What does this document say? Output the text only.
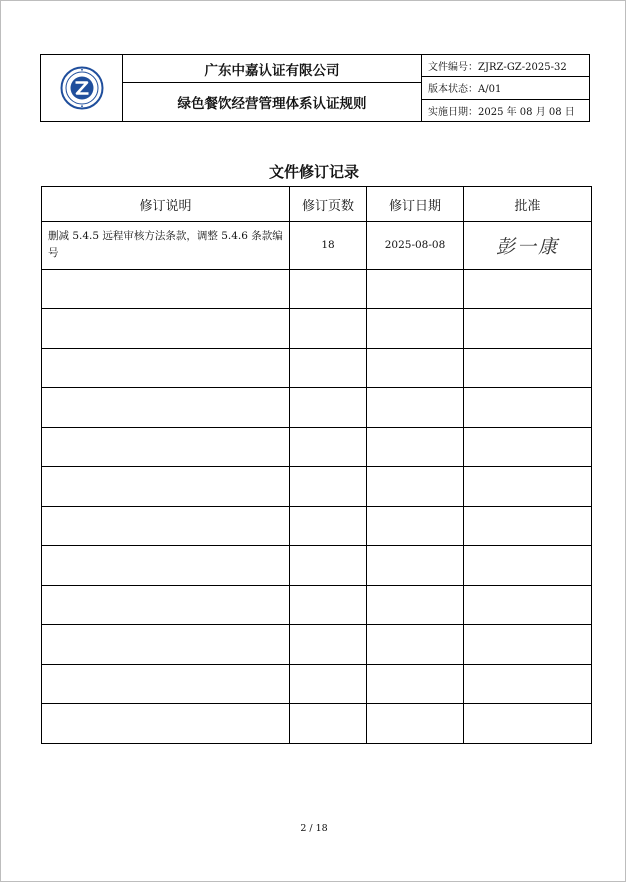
广东中嘉认证有限公司
绿色餐饮经营管理体系认证规则
文件编号：ZJRZ-GZ-2025-32
版本状态：A/01
实施日期：2025 年 08 月 08 日
文件修订记录
修订说明	修订页数	修订日期	批准
删减 5.4.5 远程审核方法条款，调整 5.4.6 条款编号	18	2025-08-08	彭一康

2 / 18
